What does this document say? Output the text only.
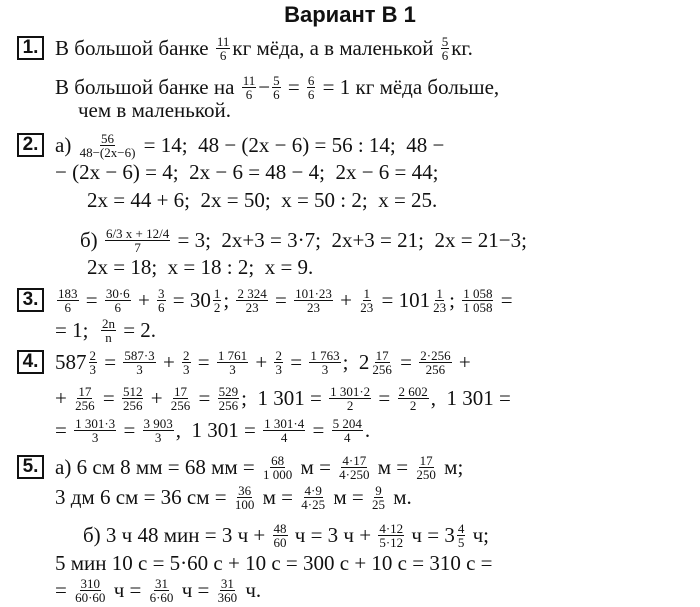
Вариант В 1
1. В большой банке $\frac{11}{6}$ кг мёда, а в маленькой $\frac{5}{6}$ кг.
В большой банке на $\frac{11}{6} - \frac{5}{6} = \frac{6}{6} = 1$ кг мёда больше,
чем в маленькой.
2. $а) \frac{56}{48-(2x-6)} = 14$;  48 − (2x − 6) = 56 : 14;  48 −
− (2x − 6) = 4;  2x − 6 = 48 − 4;  2x − 6 = 44;
2x = 44 + 6;  2x = 50;  x = 50 : 2;  x = 25.
$б) \frac{6/3 x + 12/4}{7} = 3$;  2x+3 = 3·7;  2x+3 = 21;  2x = 21−3;
2x = 18;  x = 18 : 2;  x = 9.
3.	$\frac{183}{6} = \frac{30\cdot 6}{6} + \frac{3}{6} = 30 \frac{1}{2}$ ; $\frac{2 324}{23} = \frac{101\cdot 23}{23} + \frac{1}{23} = 101 \frac{1}{23}$ ; $\frac{1 058}{1 058}$ =
= 1; $\frac{2n}{n} = 2$.
4. $587 \frac{2}{3} = \frac{587\cdot 3}{3} + \frac{2}{3} = \frac{1 761}{3} + \frac{2}{3} = \frac{1 763}{3}$ ;  $2 \frac{17}{256} = \frac{2\cdot 256}{256}$ +
+ $\frac{17}{256} = \frac{512}{256} + \frac{17}{256} = \frac{529}{256}$ ;  1 $301 = \frac{1 301\cdot 2}{2} = \frac{2 602}{2}$ ,  1 301 =
= $\frac{1 301\cdot 3}{3} = \frac{3 903}{3}$ ,  1 $301 = \frac{1 301\cdot 4}{4} = \frac{5 204}{4}$ .
5. а) 6 см 8 мм = 68 мм = $\frac{68}{1 000}$ $м = \frac{4\cdot 17}{4\cdot 250}$ $м = \frac{17}{250} м$;
3 дм 6 см = 36 см = $\frac{36}{100}$ $м = \frac{4\cdot 9}{4\cdot 25}$ $м = \frac{9}{25} м$.
б) 3 ч 48 мин = 3 $ч + \frac{48}{60}$ ч = 3 $ч + \frac{4\cdot 12}{5\cdot 12}$ $ч = 3 \frac{4}{5} ч$;
5 мин 10 с = 5·60 с + 10 с = 300 с + 10 с = 310 с =
= $\frac{310}{60\cdot 60}$ $ч = \frac{31}{6\cdot 60}$ $ч = \frac{31}{360} ч$.
